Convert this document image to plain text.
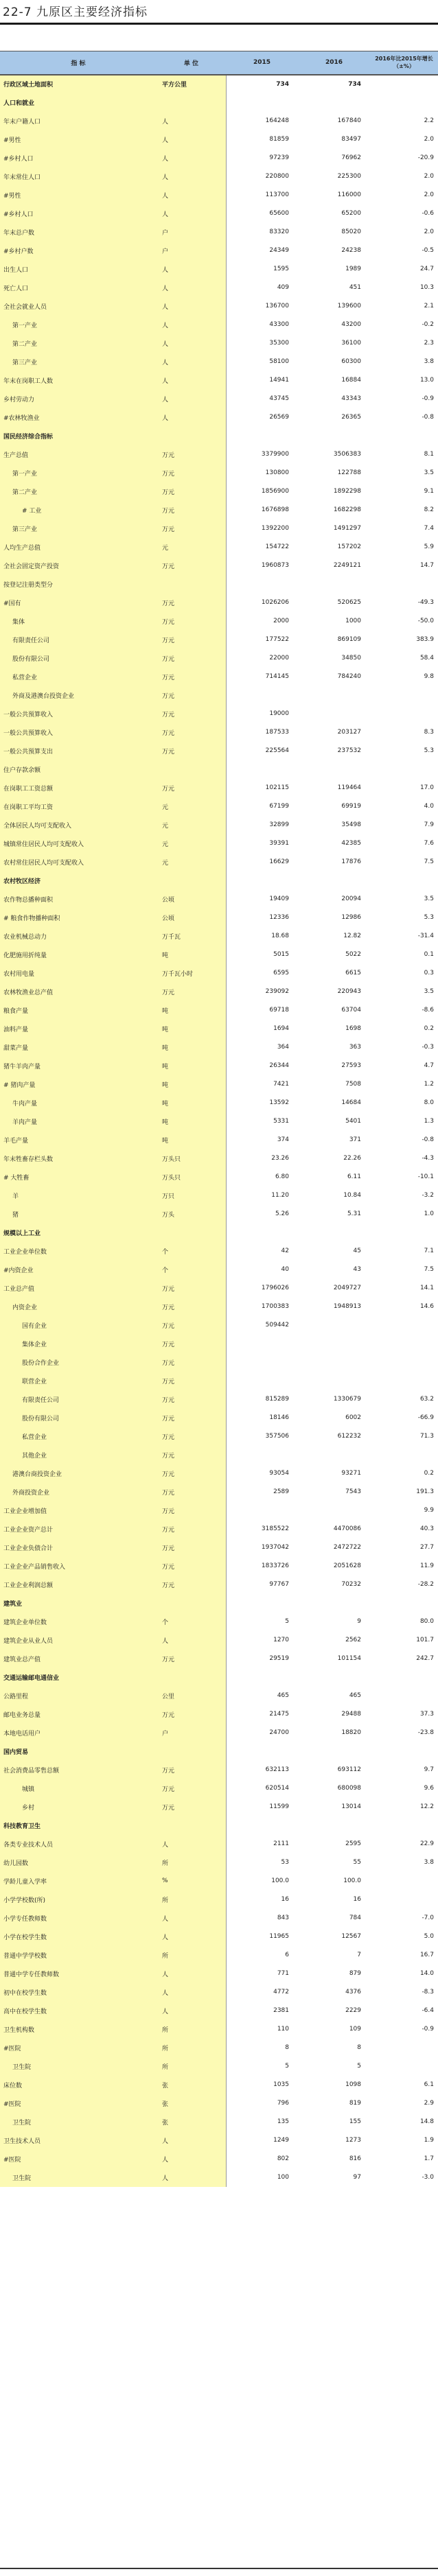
22-7 九原区主要经济指标
指 标	单 位	2015	2016	2016年比2015年增长（±%）
行政区域土地面积	平方公里	734	734	
人口和就业				
年末户籍人口	人	164248	167840	2.2
#男性	人	81859	83497	2.0
#乡村人口	人	97239	76962	-20.9
年末常住人口	人	220800	225300	2.0
#男性	人	113700	116000	2.0
#乡村人口	人	65600	65200	-0.6
年末总户数	户	83320	85020	2.0
#乡村户数	户	24349	24238	-0.5
出生人口	人	1595	1989	24.7
死亡人口	人	409	451	10.3
全社会就业人员	人	136700	139600	2.1
第一产业	人	43300	43200	-0.2
第二产业	人	35300	36100	2.3
第三产业	人	58100	60300	3.8
年末在岗职工人数	人	14941	16884	13.0
乡村劳动力	人	43745	43343	-0.9
#农林牧渔业	人	26569	26365	-0.8
国民经济综合指标				
生产总值	万元	3379900	3506383	8.1
第一产业	万元	130800	122788	3.5
第二产业	万元	1856900	1892298	9.1
# 工业	万元	1676898	1682298	8.2
第三产业	万元	1392200	1491297	7.4
人均生产总值	元	154722	157202	5.9
全社会固定资产投资	万元	1960873	2249121	14.7
按登记注册类型分				
#国有	万元	1026206	520625	-49.3
集体	万元	2000	1000	-50.0
有限责任公司	万元	177522	869109	383.9
股份有限公司	万元	22000	34850	58.4
私营企业	万元	714145	784240	9.8
外商及港澳台投资企业	万元			
一般公共预算收入	万元	19000		
一般公共预算收入	万元	187533	203127	8.3
一般公共预算支出	万元	225564	237532	5.3
住户存款余额				
在岗职工工资总额	万元	102115	119464	17.0
在岗职工平均工资	元	67199	69919	4.0
全体居民人均可支配收入	元	32899	35498	7.9
城镇常住居民人均可支配收入	元	39391	42385	7.6
农村常住居民人均可支配收入	元	16629	17876	7.5
农村牧区经济				
农作物总播种面积	公顷	19409	20094	3.5
# 粮食作物播种面积	公顷	12336	12986	5.3
农业机械总动力	万千瓦	18.68	12.82	-31.4
化肥施用折纯量	吨	5015	5022	0.1
农村用电量	万千瓦小时	6595	6615	0.3
农林牧渔业总产值	万元	239092	220943	3.5
粮食产量	吨	69718	63704	-8.6
油料产量	吨	1694	1698	0.2
甜菜产量	吨	364	363	-0.3
猪牛羊肉产量	吨	26344	27593	4.7
# 猪肉产量	吨	7421	7508	1.2
牛肉产量	吨	13592	14684	8.0
羊肉产量	吨	5331	5401	1.3
羊毛产量	吨	374	371	-0.8
年末牲畜存栏头数	万头只	23.26	22.26	-4.3
# 大牲畜	万头只	6.80	6.11	-10.1
羊	万只	11.20	10.84	-3.2
猪	万头	5.26	5.31	1.0
规模以上工业				
工业企业单位数	个	42	45	7.1
#内资企业	个	40	43	7.5
工业总产值	万元	1796026	2049727	14.1
内资企业	万元	1700383	1948913	14.6
国有企业	万元	509442		
集体企业	万元			
股份合作企业	万元			
联营企业	万元			
有限责任公司	万元	815289	1330679	63.2
股份有限公司	万元	18146	6002	-66.9
私营企业	万元	357506	612232	71.3
其他企业	万元			
港澳台商投资企业	万元	93054	93271	0.2
外商投资企业	万元	2589	7543	191.3
工业企业增加值	万元			9.9
工业企业资产总计	万元	3185522	4470086	40.3
工业企业负债合计	万元	1937042	2472722	27.7
工业企业产品销售收入	万元	1833726	2051628	11.9
工业企业利润总额	万元	97767	70232	-28.2
建筑业				
建筑企业单位数	个	5	9	80.0
建筑企业从业人员	人	1270	2562	101.7
建筑业总产值	万元	29519	101154	242.7
交通运输邮电通信业				
公路里程	公里	465	465	
邮电业务总量	万元	21475	29488	37.3
本地电话用户	户	24700	18820	-23.8
国内贸易				
社会消费品零售总额	万元	632113	693112	9.7
城镇	万元	620514	680098	9.6
乡村	万元	11599	13014	12.2
科技教育卫生				
各类专业技术人员	人	2111	2595	22.9
幼儿园数	所	53	55	3.8
学龄儿童入学率	%	100.0	100.0	
小学学校数(所)	所	16	16	
小学专任教师数	人	843	784	-7.0
小学在校学生数	人	11965	12567	5.0
普通中学学校数	所	6	7	16.7
普通中学专任教师数	人	771	879	14.0
初中在校学生数	人	4772	4376	-8.3
高中在校学生数	人	2381	2229	-6.4
卫生机构数	所	110	109	-0.9
#医院	所	8	8	
卫生院	所	5	5	
床位数	张	1035	1098	6.1
#医院	张	796	819	2.9
卫生院	张	135	155	14.8
卫生技术人员	人	1249	1273	1.9
#医院	人	802	816	1.7
卫生院	人	100	97	-3.0
